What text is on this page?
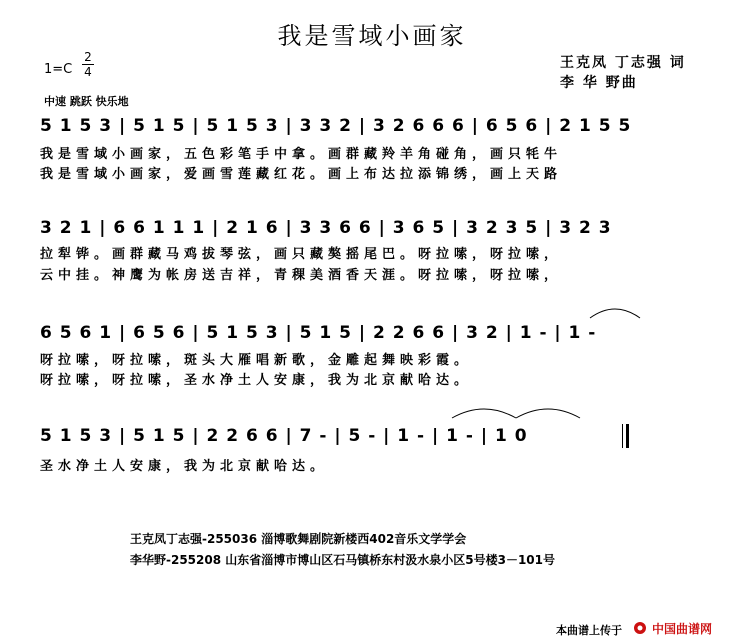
我是雪域小画家
王克凤 丁志强 词
李 华 野曲
1=C
2
4
中速 跳跃 快乐地
5 1 5 3 | 5 1 5 | 5 1 5 3 | 3 3 2 | 3 2 6 6 6 | 6 5 6 | 2 1 5 5
我是雪域小画家，五色彩笔手中拿。画群藏羚羊角碰角，画只牦牛
我是雪域小画家，爱画雪莲藏红花。画上布达拉添锦绣，画上天路
3 2 1 | 6 6 1 1 1 | 2 1 6 | 3 3 6 6 | 3 6 5 | 3 2 3 5 | 3 2 3
拉犁铧。画群藏马鸡拔琴弦，画只藏獒摇尾巴。呀拉嗦，呀拉嗦，
云中挂。神鹰为帐房送吉祥，青稞美酒香天涯。呀拉嗦，呀拉嗦，
6 5 6 1 | 6 5 6 | 5 1 5 3 | 5 1 5 | 2 2 6 6 | 3 2 | 1 - | 1 -
呀拉嗦，呀拉嗦，斑头大雁唱新歌，金雕起舞映彩霞。
呀拉嗦，呀拉嗦，圣水净土人安康，我为北京献哈达。
5 1 5 3 | 5 1 5 | 2 2 6 6 | 7 - | 5 - | 1 - | 1 - | 1 0
圣水净土人安康，我为北京献哈达。
王克凤丁志强-255036 淄博歌舞剧院新楼西402音乐文学学会
李华野-255208 山东省淄博市博山区石马镇桥东村汲水泉小区5号楼3－101号
本曲谱上传于	中国曲谱网
